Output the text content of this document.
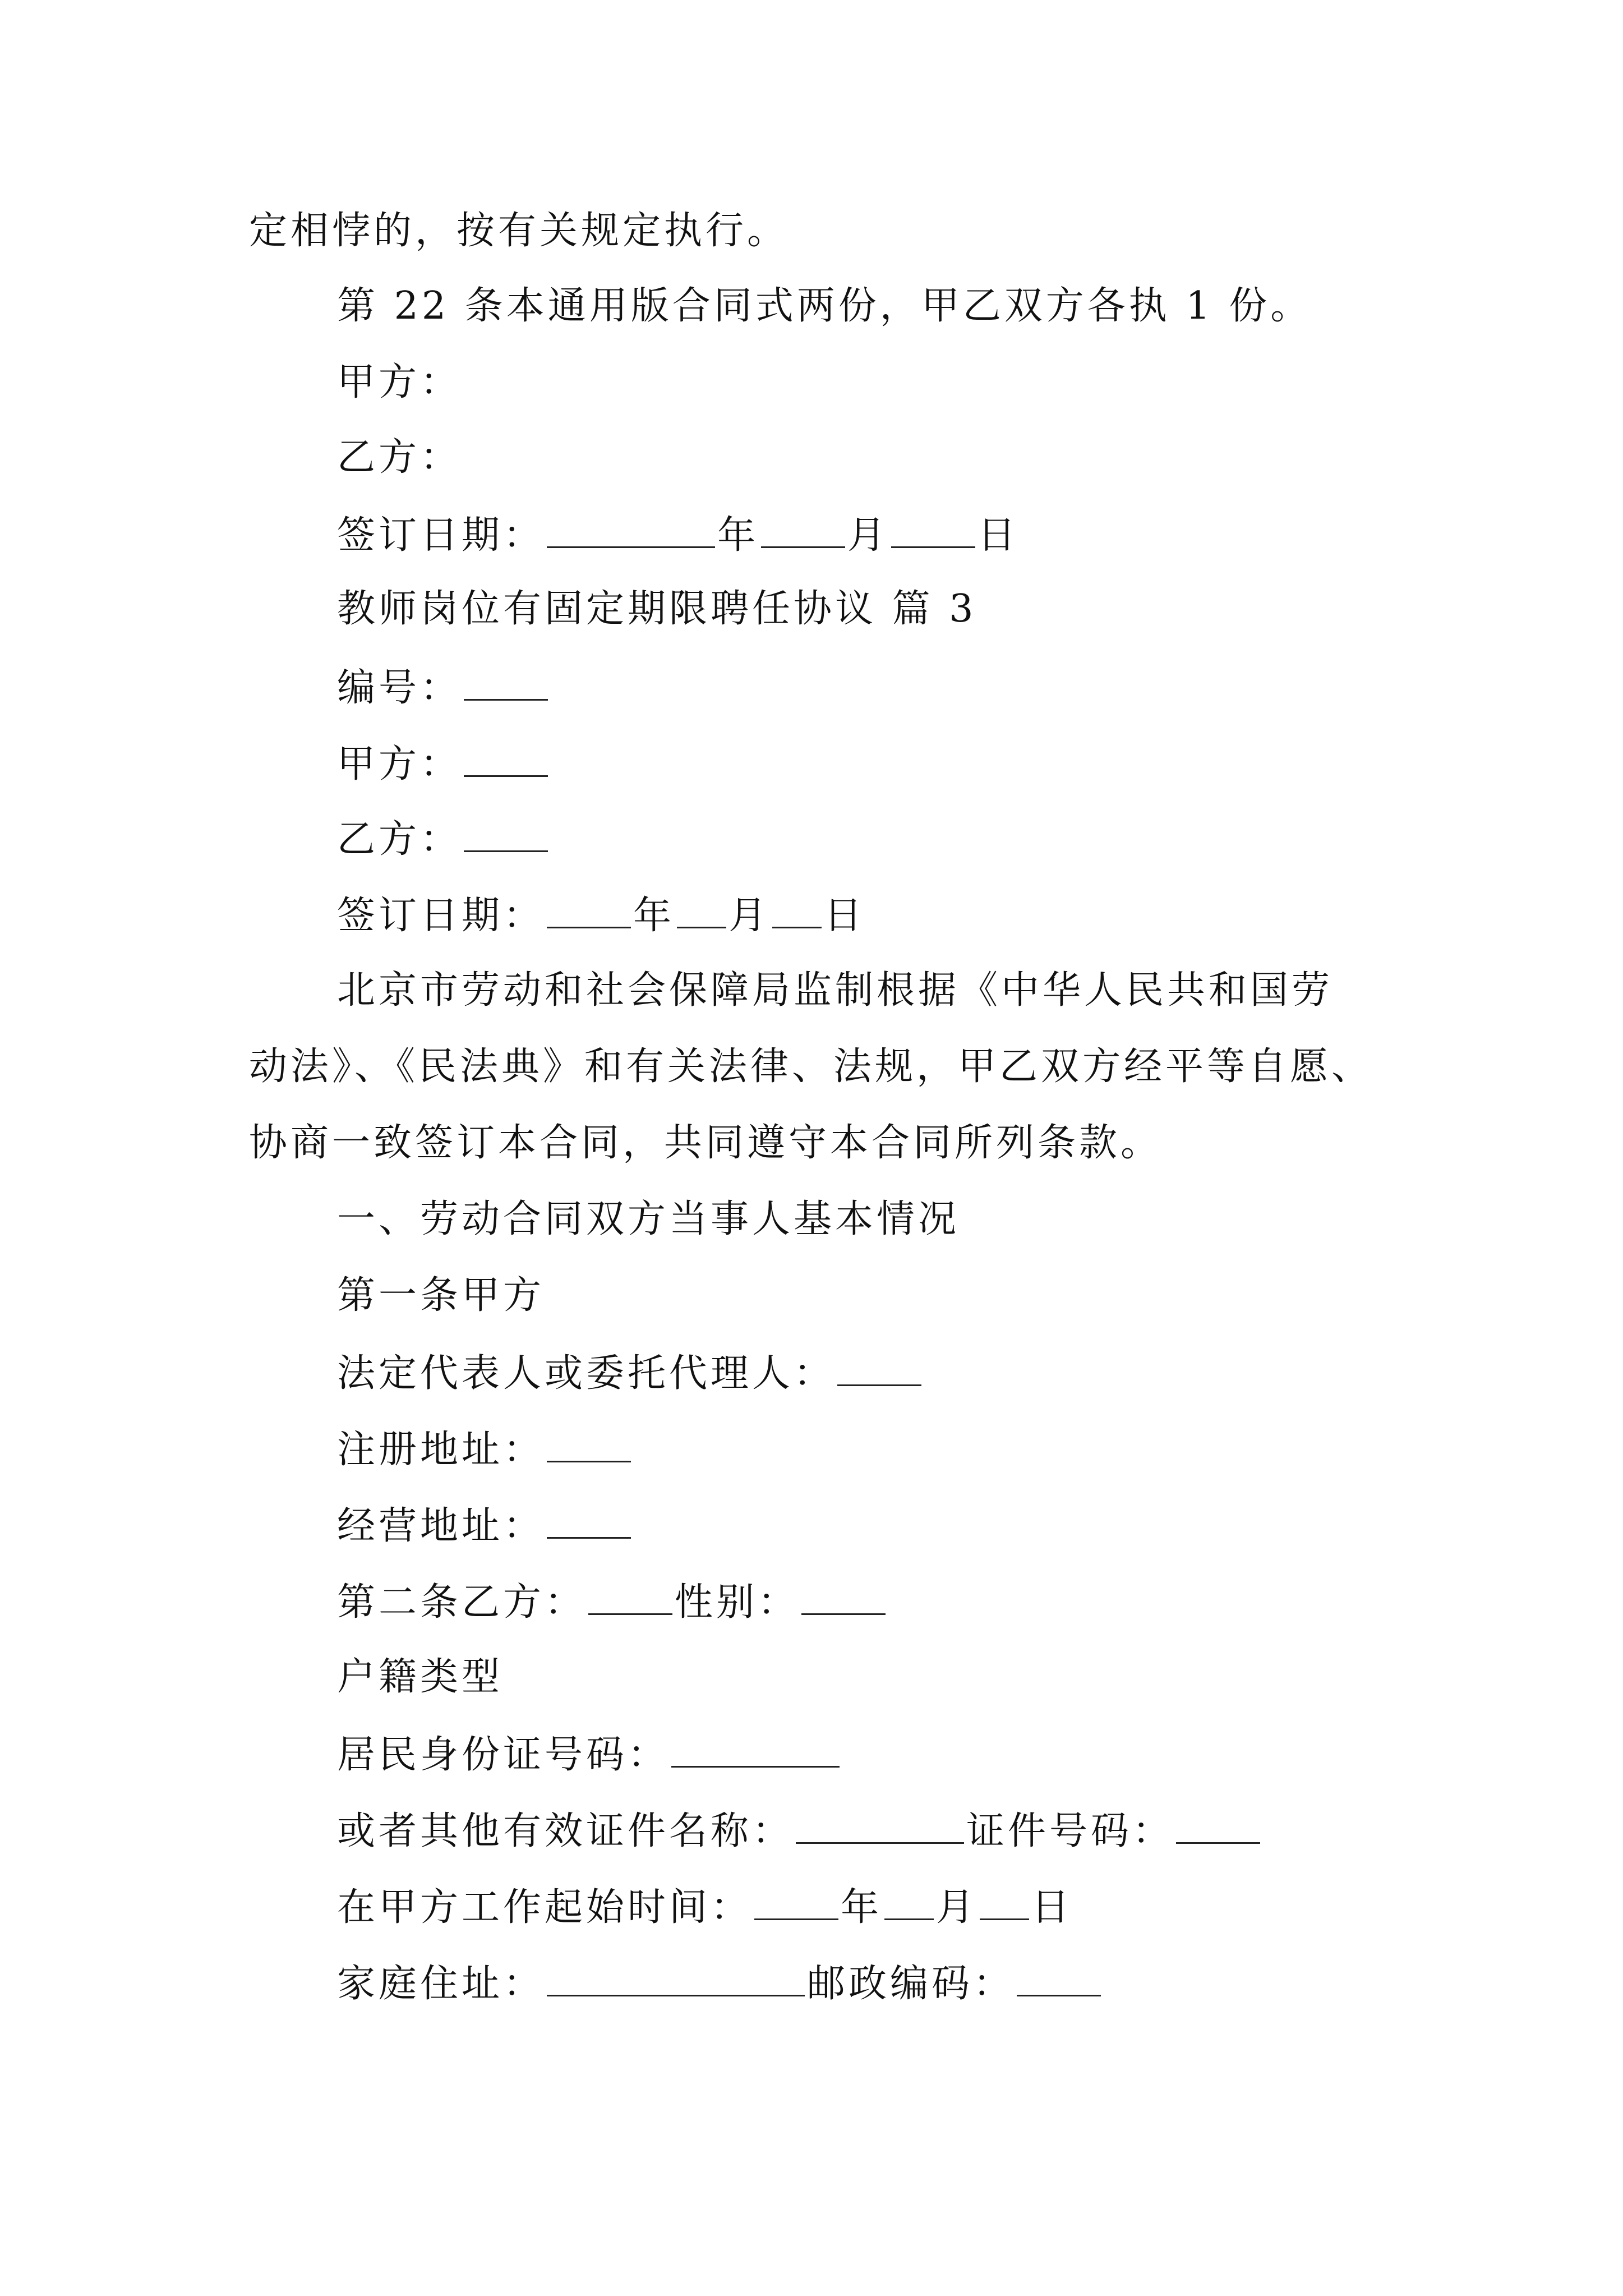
定相悖的，按有关规定执行。
第 22 条本通用版合同式两份，甲乙双方各执 1 份。
甲方：
乙方：
签订日期：	年 月 日
教师岗位有固定期限聘任协议 篇 3
编号：
甲方：
乙方：
签订日期： 年 月 日
北京市劳动和社会保障局监制根据《中华人民共和国劳
动法》、《民法典》和有关法律、法规，甲乙双方经平等自愿、
协商一致签订本合同，共同遵守本合同所列条款。
一、劳动合同双方当事人基本情况
第一条甲方
法定代表人或委托代理人：
注册地址：
经营地址：
第二条乙方： 性别：
户籍类型
居民身份证号码：
或者其他有效证件名称：	证件号码：
在甲方工作起始时间： 年 月 日
家庭住址：	邮政编码：
